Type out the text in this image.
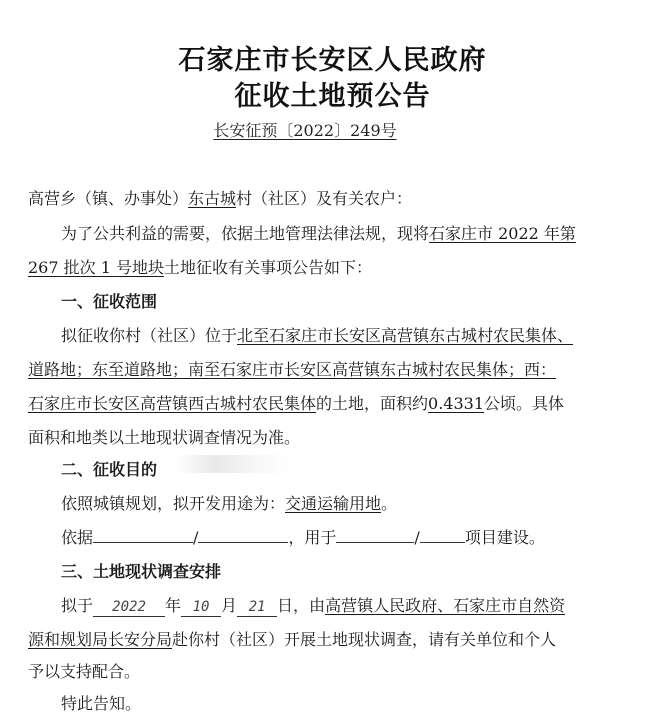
石家庄市长安区人民政府
征收土地预公告
长安征预〔2022〕249号
高营乡（镇、办事处）东古城村（社区）及有关农户：
为了公共利益的需要，依据土地管理法律法规，现将石家庄市 2022 年第
267 批次 1 号地块土地征收有关事项公告如下：
一、征收范围
拟征收你村（社区）位于北至石家庄市长安区高营镇东古城村农民集体、
道路地；东至道路地；南至石家庄市长安区高营镇东古城村农民集体；西：
石家庄市长安区高营镇西古城村农民集体的土地，面积约0.4331公顷。具体
面积和地类以土地现状调查情况为准。
二、征收目的
依照城镇规划，拟开发用途为：交通运输用地。
依据	/	，用于	/	项目建设。
三、土地现状调查安排
拟于 2022 年 10 月 21 日，由高营镇人民政府、石家庄市自然资
源和规划局长安分局赴你村（社区）开展土地现状调查，请有关单位和个人
予以支持配合。
特此告知。
